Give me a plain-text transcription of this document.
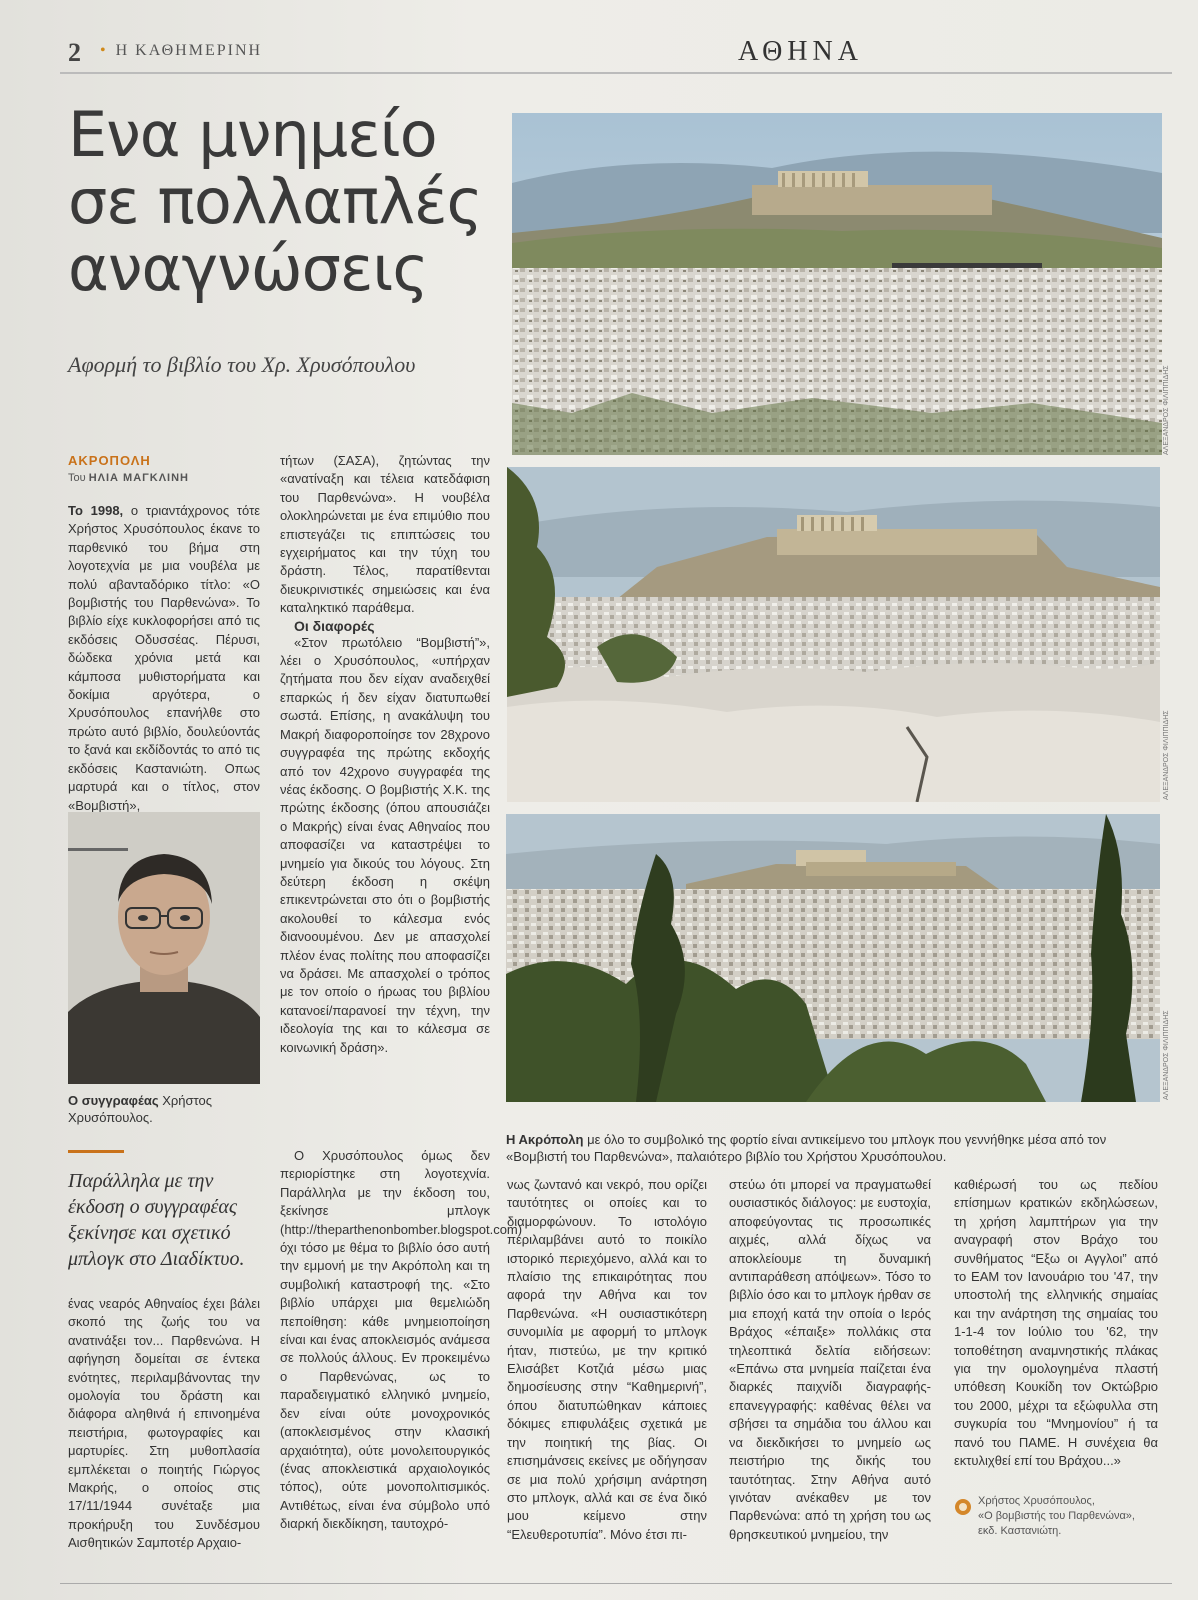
2 • Η ΚΑΘΗΜΕΡΙΝΗ	ΑΘΗΝΑ
Ενα μνημείο σε πολλαπλές αναγνώσεις
Αφορμή το βιβλίο του Χρ. Χρυσόπουλου
ΑΚΡΟΠΟΛΗ
Του ΗΛΙΑ ΜΑΓΚΛΙΝΗ

Το 1998, ο τριαντάχρονος τότε Χρήστος Χρυσόπουλος έκανε το παρθενικό του βήμα στη λογοτεχνία με μια νουβέλα με πολύ αβανταδόρικο τίτλο: «Ο βομβιστής του Παρθενώνα». Το βιβλίο είχε κυκλοφορήσει από τις εκδόσεις Οδυσσέας. Πέρυσι, δώδεκα χρόνια μετά και κάμποσα μυθιστορήματα και δοκίμια αργότερα, ο Χρυσόπουλος επανήλθε στο πρώτο αυτό βιβλίο, δουλεύοντάς το ξανά και εκδίδοντάς το από τις εκδόσεις Καστανιώτη. Οπως μαρτυρά και ο τίτλος, στον «Βομβιστή»,

Ο συγγραφέας Χρήστος Χρυσόπουλος.
Παράλληλα με την έκδοση ο συγγραφέας ξεκίνησε και σχετικό μπλογκ στο Διαδίκτυο.

ένας νεαρός Αθηναίος έχει βάλει σκοπό της ζωής του να ανατινάξει τον... Παρθενώνα. Η αφήγηση δομείται σε έντεκα ενότητες, περιλαμβάνοντας την ομολογία του δράστη και διάφορα αληθινά ή επινοημένα πειστήρια, φωτογραφίες και μαρτυρίες. Στη μυθοπλασία εμπλέκεται ο ποιητής Γιώργος Μακρής, ο οποίος στις 17/11/1944 συνέταξε μια προκήρυξη του Συνδέσμου Αισθητικών Σαμποτέρ Αρχαιο-

τήτων (ΣΑΣΑ), ζητώντας την «ανατίναξη και τέλεια κατεδάφιση του Παρθενώνα». Η νουβέλα ολοκληρώνεται με ένα επιμύθιο που επιστεγάζει τις επιπτώσεις του εγχειρήματος και την τύχη του δράστη. Τέλος, παρατίθενται διευκρινιστικές σημειώσεις και ένα καταληκτικό παράθεμα.

Οι διαφορές

«Στον πρωτόλειο “Βομβιστή”», λέει ο Χρυσόπουλος, «υπήρχαν ζητήματα που δεν είχαν αναδειχθεί επαρκώς ή δεν είχαν διατυπωθεί σωστά. Επίσης, η ανακάλυψη του Μακρή διαφοροποίησε τον 28χρονο συγγραφέα της πρώτης εκδοχής από τον 42χρονο συγγραφέα της νέας έκδοσης. Ο βομβιστής Χ.Κ. της πρώτης έκδοσης (όπου απουσιάζει ο Μακρής) είναι ένας Αθηναίος που αποφασίζει να καταστρέψει το μνημείο για δικούς του λόγους. Στη δεύτερη έκδοση η σκέψη επικεντρώνεται στο ότι ο βομβιστής ακολουθεί το κάλεσμα ενός διανοουμένου. Δεν με απασχολεί πλέον ένας πολίτης που αποφασίζει να δράσει. Με απασχολεί ο τρόπος με τον οποίο ο ήρωας του βιβλίου κατανοεί/παρανοεί την τέχνη, την ιδεολογία της και το κάλεσμα σε κοινωνική δράση».

Ο Χρυσόπουλος όμως δεν περιορίστηκε στη λογοτεχνία. Παράλληλα με την έκδοση του, ξεκίνησε μπλογκ (http://theparthenonbomber.blogspot.com) όχι τόσο με θέμα το βιβλίο όσο αυτή την εμμονή με την Ακρόπολη και τη συμβολική καταστροφή της. «Στο βιβλίο υπάρχει μια θεμελιώδη πεποίθηση: κάθε μνημειοποίηση είναι και ένας αποκλεισμός ανάμεσα σε πολλούς άλλους. Εν προκειμένω ο Παρθενώνας, ως το παραδειγματικό ελληνικό μνημείο, δεν είναι ούτε μονοχρονικός (αποκλεισμένος στην κλασική αρχαιότητα), ούτε μονολειτουργικός (ένας αποκλειστικά αρχαιολογικός τόπος), ούτε μονοπολιτισμικός. Αντιθέτως, είναι ένα σύμβολο υπό διαρκή διεκδίκηση, ταυτοχρό-

ΑΛΕΞΑΝΔΡΟΣ ΦΙΛΙΠΠΙΔΗΣ
ΑΛΕΞΑΝΔΡΟΣ ΦΙΛΙΠΠΙΔΗΣ
ΑΛΕΞΑΝΔΡΟΣ ΦΙΛΙΠΠΙΔΗΣ
Η Ακρόπολη με όλο το συμβολικό της φορτίο είναι αντικείμενο του μπλογκ που γεννήθηκε μέσα από τον «Βομβιστή του Παρθενώνα», παλαιότερο βιβλίο του Χρήστου Χρυσόπουλου.

νως ζωντανό και νεκρό, που ορίζει ταυτότητες οι οποίες και το διαμορφώνουν. Το ιστολόγιο περιλαμβάνει αυτό το ποικίλο ιστορικό περιεχόμενο, αλλά και το πλαίσιο της επικαιρότητας που αφορά την Αθήνα και τον Παρθενώνα. «Η ουσιαστικότερη συνομιλία με αφορμή το μπλογκ ήταν, πιστεύω, με την κριτικό Ελισάβετ Κοτζιά μέσω μιας δημοσίευσης στην “Καθημερινή”, όπου διατυπώθηκαν κάποιες δόκιμες επιφυλάξεις σχετικά με την ποιητική της βίας. Οι επισημάνσεις εκείνες με οδήγησαν σε μια πολύ χρήσιμη ανάρτηση στο μπλογκ, αλλά και σε ένα δικό μου κείμενο στην “Ελευθεροτυπία”. Μόνο έτσι πι-

στεύω ότι μπορεί να πραγματωθεί ουσιαστικός διάλογος: με ευστοχία, αποφεύγοντας τις προσωπικές αιχμές, αλλά δίχως να αποκλείουμε τη δυναμική αντιπαράθεση απόψεων». Τόσο το βιβλίο όσο και το μπλογκ ήρθαν σε μια εποχή κατά την οποία ο Ιερός Βράχος «έπαιξε» πολλάκις στα τηλεοπτικά δελτία ειδήσεων: «Επάνω στα μνημεία παίζεται ένα διαρκές παιχνίδι διαγραφής-επανεγγραφής: καθένας θέλει να σβήσει τα σημάδια του άλλου και να διεκδικήσει το μνημείο ως πειστήριο της δικής του ταυτότητας. Στην Αθήνα αυτό γινόταν ανέκαθεν με τον Παρθενώνα: από τη χρήση του ως θρησκευτικού μνημείου, την

καθιέρωσή του ως πεδίου επίσημων κρατικών εκδηλώσεων, τη χρήση λαμπτήρων για την αναγραφή στον Βράχο του συνθήματος “Εξω οι Αγγλοι” από το ΕΑΜ τον Ιανουάριο του '47, την υποστολή της ελληνικής σημαίας και την ανάρτηση της σημαίας του 1-1-4 τον Ιούλιο του '62, την τοποθέτηση αναμνηστικής πλάκας για την ομολογημένα πλαστή υπόθεση Κουκίδη τον Οκτώβριο του 2000, μέχρι τα εξώφυλλα στη συγκυρία του “Μνημονίου” ή τα πανό του ΠΑΜΕ. Η συνέχεια θα εκτυλιχθεί επί του Βράχου...»

Χρήστος Χρυσόπουλος,
«Ο βομβιστής του Παρθενώνα»,
εκδ. Καστανιώτη.
